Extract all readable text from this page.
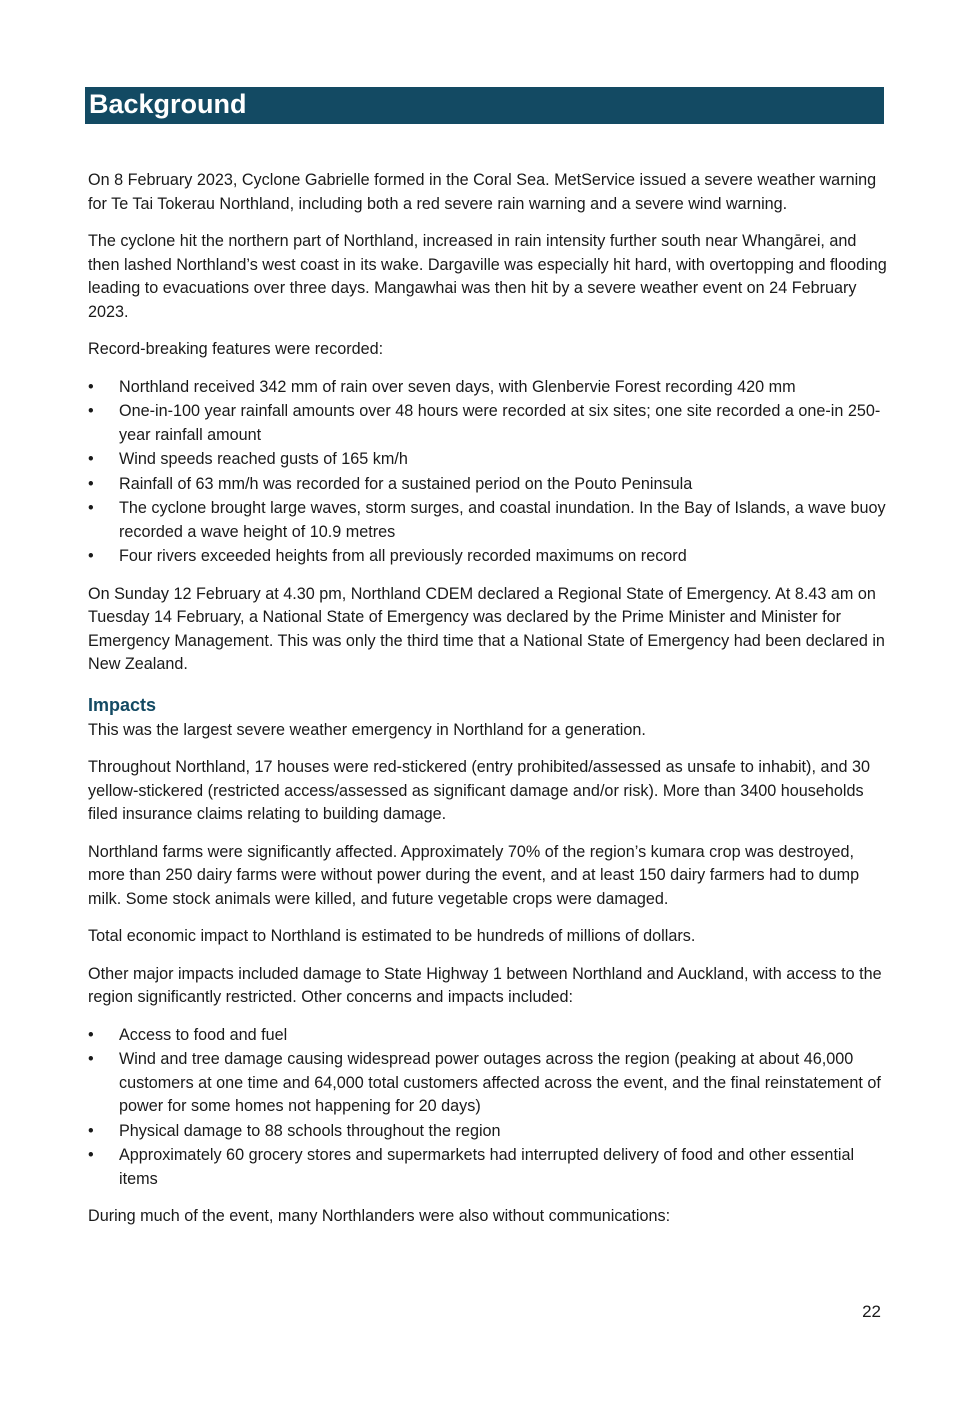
Background

On 8 February 2023, Cyclone Gabrielle formed in the Coral Sea. MetService issued a severe weather warning for Te Tai Tokerau Northland, including both a red severe rain warning and a severe wind warning.

The cyclone hit the northern part of Northland, increased in rain intensity further south near Whangārei, and then lashed Northland’s west coast in its wake. Dargaville was especially hit hard, with overtopping and flooding leading to evacuations over three days. Mangawhai was then hit by a severe weather event on 24 February 2023.

Record-breaking features were recorded:

• Northland received 342 mm of rain over seven days, with Glenbervie Forest recording 420 mm
• One-in-100 year rainfall amounts over 48 hours were recorded at six sites; one site recorded a one-in 250-year rainfall amount
• Wind speeds reached gusts of 165 km/h
• Rainfall of 63 mm/h was recorded for a sustained period on the Pouto Peninsula
• The cyclone brought large waves, storm surges, and coastal inundation. In the Bay of Islands, a wave buoy recorded a wave height of 10.9 metres
• Four rivers exceeded heights from all previously recorded maximums on record

On Sunday 12 February at 4.30 pm, Northland CDEM declared a Regional State of Emergency. At 8.43 am on Tuesday 14 February, a National State of Emergency was declared by the Prime Minister and Minister for Emergency Management. This was only the third time that a National State of Emergency had been declared in New Zealand.

Impacts

This was the largest severe weather emergency in Northland for a generation.

Throughout Northland, 17 houses were red-stickered (entry prohibited/assessed as unsafe to inhabit), and 30 yellow-stickered (restricted access/assessed as significant damage and/or risk). More than 3400 households filed insurance claims relating to building damage.

Northland farms were significantly affected. Approximately 70% of the region’s kumara crop was destroyed, more than 250 dairy farms were without power during the event, and at least 150 dairy farmers had to dump milk. Some stock animals were killed, and future vegetable crops were damaged.

Total economic impact to Northland is estimated to be hundreds of millions of dollars.

Other major impacts included damage to State Highway 1 between Northland and Auckland, with access to the region significantly restricted. Other concerns and impacts included:

• Access to food and fuel
• Wind and tree damage causing widespread power outages across the region (peaking at about 46,000 customers at one time and 64,000 total customers affected across the event, and the final reinstatement of power for some homes not happening for 20 days)
• Physical damage to 88 schools throughout the region
• Approximately 60 grocery stores and supermarkets had interrupted delivery of food and other essential items

During much of the event, many Northlanders were also without communications:

22
